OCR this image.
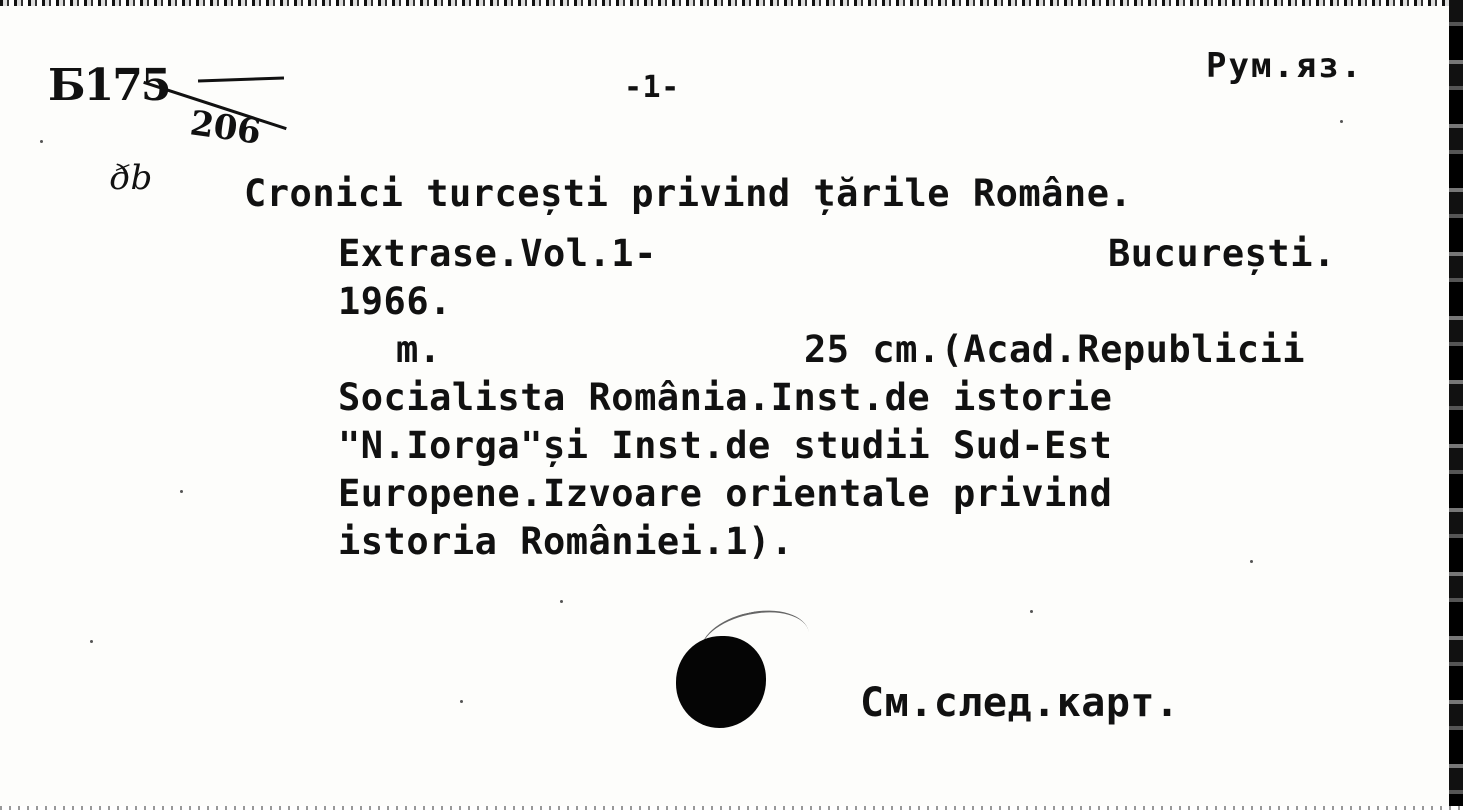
Б175
206
ðb
-1-
Рум.яз.
Cronici turcești privind țările Române.
Extrase.Vol.1-	București.
1966.
m.	25 cm.(Acad.Republicii
Socialista România.Inst.de istorie
"N.Iorga"și Inst.de studii Sud-Est
Europene.Izvoare orientale privind
istoria României.1).
См.след.карт.
